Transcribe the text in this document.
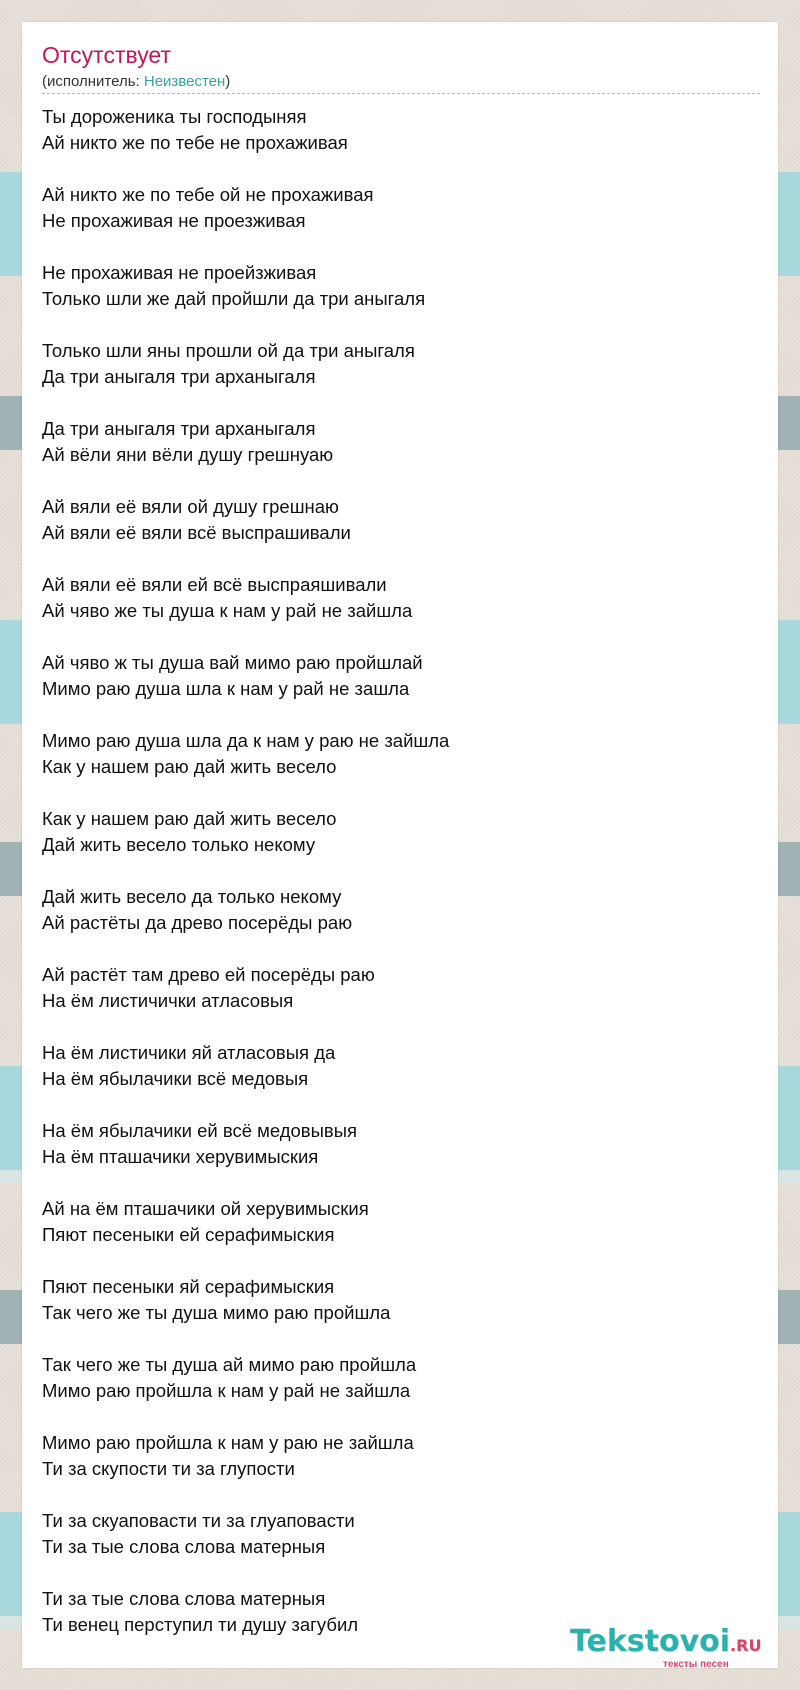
Отсутствует
(исполнитель: Неизвестен)
Ты дороженика ты господыняя
Ай никто же по тебе не прохаживая
Ай никто же по тебе ой не прохаживая
Не прохаживая не проезживая
Не прохаживая не проейзживая
Только шли же дай пройшли да три аныгаля
Только шли яны прошли ой да три аныгаля
Да три аныгаля три арханыгаля
Да три аныгаля три арханыгаля
Ай вёли яни вёли душу грешнуаю
Ай вяли её вяли ой душу грешнаю
Ай вяли её вяли всё выспрашивали
Ай вяли её вяли ей всё выспраяшивали
Ай чяво же ты душа к нам у рай не зайшла
Ай чяво ж ты душа вай мимо раю пройшлай
Мимо раю душа шла к нам у рай не зашла
Мимо раю душа шла да к нам у раю не зайшла
Как у нашем раю дай жить весело
Как у нашем раю дай жить весело
Дай жить весело только некому
Дай жить весело да только некому
Ай растёты да древо посерёды раю
Ай растёт там древо ей посерёды раю
На ём листичички атласовыя
На ём листичики яй атласовыя да
На ём ябылачики всё медовыя
На ём ябылачики ей всё медовывыя
На ём пташачики херувимыския
Ай на ём пташачики ой херувимыския
Пяют песеныки ей серафимыския
Пяют песеныки яй серафимыския
Так чего же ты душа мимо раю пройшла
Так чего же ты душа ай мимо раю пройшла
Мимо раю пройшла к нам у рай не зайшла
Мимо раю пройшла к нам у раю не зайшла
Ти за скупости ти за глупости
Ти за скуаповасти ти за глуаповасти
Ти за тые слова слова матерныя
Ти за тые слова слова матерныя
Ти венец перступил ти душу загубил	Tekstovoi.RU
тексты песен
